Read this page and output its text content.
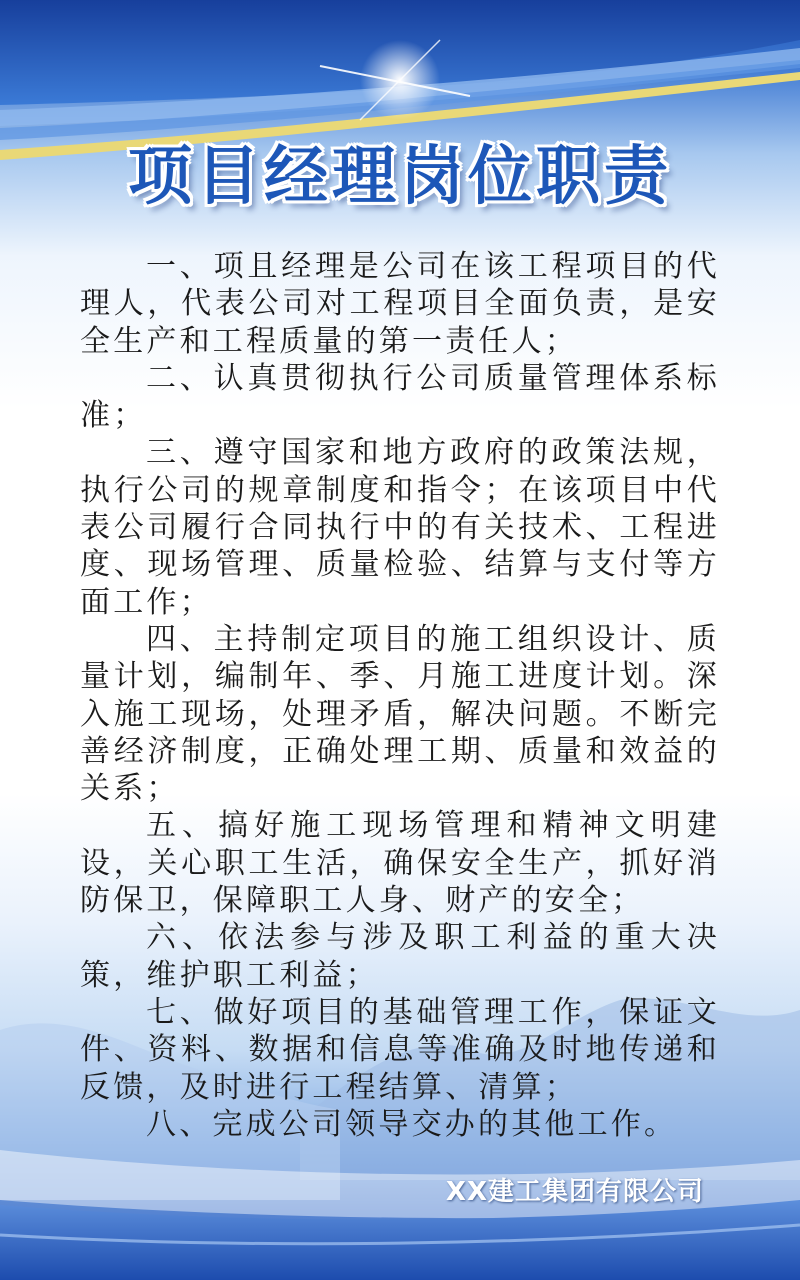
项目经理岗位职责

一、项且经理是公司在该工程项目的代理人，代表公司对工程项目全面负责，是安全生产和工程质量的第一责任人；

二、认真贯彻执行公司质量管理体系标准；

三、遵守国家和地方政府的政策法规，执行公司的规章制度和指令；在该项目中代表公司履行合同执行中的有关技术、工程进度、现场管理、质量检验、结算与支付等方面工作；

四、主持制定项目的施工组织设计、质量计划，编制年、季、月施工进度计划。深入施工现场，处理矛盾，解决问题。不断完善经济制度，正确处理工期、质量和效益的关系；

五、搞好施工现场管理和精神文明建设，关心职工生活，确保安全生产，抓好消防保卫，保障职工人身、财产的安全；

六、依法参与涉及职工利益的重大决策，维护职工利益；

七、做好项目的基础管理工作，保证文件、资料、数据和信息等准确及时地传递和反馈，及时进行工程结算、清算；

八、完成公司领导交办的其他工作。

XX建工集团有限公司
